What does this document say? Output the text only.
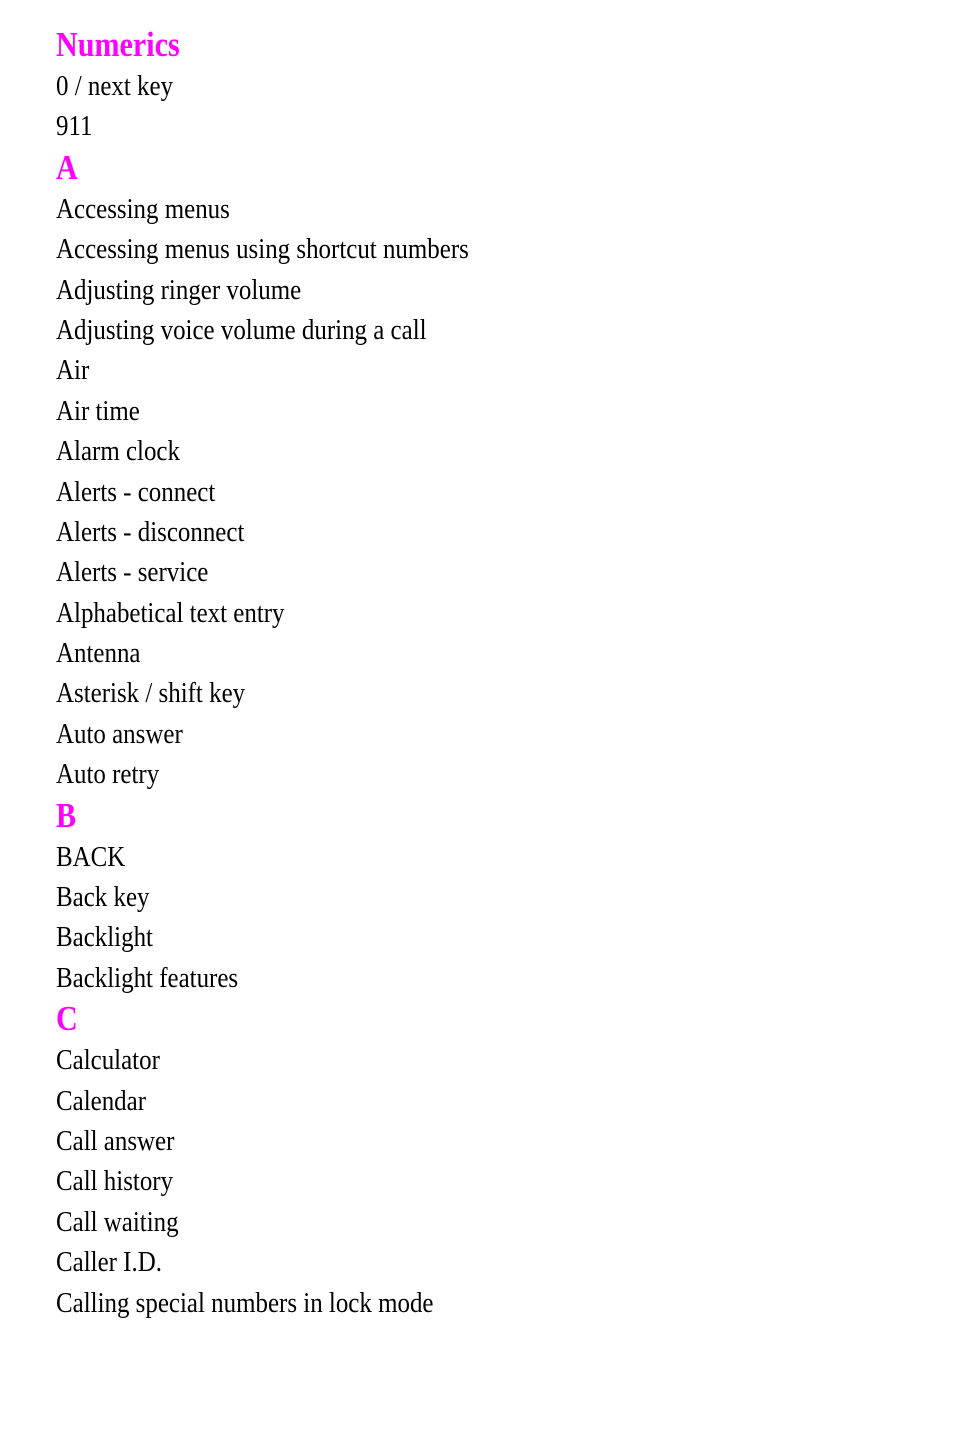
Numerics
0 / next key
911
A
Accessing menus
Accessing menus using shortcut numbers
Adjusting ringer volume
Adjusting voice volume during a call
Air
Air time
Alarm clock
Alerts - connect
Alerts - disconnect
Alerts - service
Alphabetical text entry
Antenna
Asterisk / shift key
Auto answer
Auto retry
B
BACK
Back key
Backlight
Backlight features
C
Calculator
Calendar
Call answer
Call history
Call waiting
Caller I.D.
Calling special numbers in lock mode
